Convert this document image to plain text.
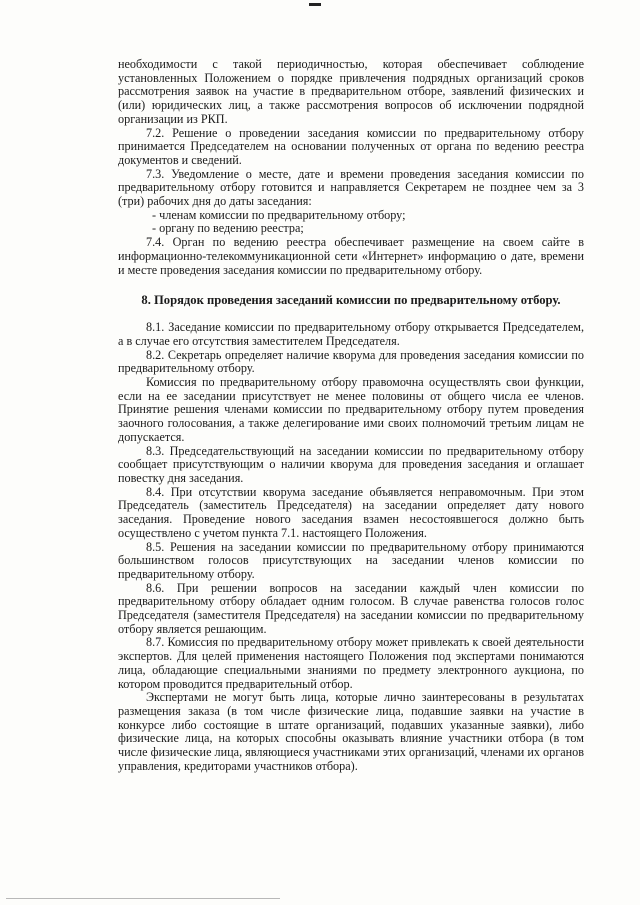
необходимости с такой периодичностью, которая обеспечивает соблюдение установленных Положением о порядке привлечения подрядных организаций сроков рассмотрения заявок на участие в предварительном отборе, заявлений физических и (или) юридических лиц, а также рассмотрения вопросов об исключении подрядной организации из РКП.

7.2. Решение о проведении заседания комиссии по предварительному отбору принимается Председателем на основании полученных от органа по ведению реестра документов и сведений.

7.3. Уведомление о месте, дате и времени проведения заседания комиссии по предварительному отбору готовится и направляется Секретарем не позднее чем за 3 (три) рабочих дня до даты заседания:

- членам комиссии по предварительному отбору;

- органу по ведению реестра;

7.4. Орган по ведению реестра обеспечивает размещение на своем сайте в информационно-телекоммуникационной сети «Интернет» информацию о дате, времени и месте проведения заседания комиссии по предварительному отбору.

8. Порядок проведения заседаний комиссии по предварительному отбору.

8.1. Заседание комиссии по предварительному отбору открывается Председателем, а в случае его отсутствия заместителем Председателя.

8.2. Секретарь определяет наличие кворума для проведения заседания комиссии по предварительному отбору.

Комиссия по предварительному отбору правомочна осуществлять свои функции, если на ее заседании присутствует не менее половины от общего числа ее членов. Принятие решения членами комиссии по предварительному отбору путем проведения заочного голосования, а также делегирование ими своих полномочий третьим лицам не допускается.

8.3. Председательствующий на заседании комиссии по предварительному отбору сообщает присутствующим о наличии кворума для проведения заседания и оглашает повестку дня заседания.

8.4. При отсутствии кворума заседание объявляется неправомочным. При этом Председатель (заместитель Председателя) на заседании определяет дату нового заседания. Проведение нового заседания взамен несостоявшегося должно быть осуществлено с учетом пункта 7.1. настоящего Положения.

8.5. Решения на заседании комиссии по предварительному отбору принимаются большинством голосов присутствующих на заседании членов комиссии по предварительному отбору.

8.6. При решении вопросов на заседании каждый член комиссии по предварительному отбору обладает одним голосом. В случае равенства голосов голос Председателя (заместителя Председателя) на заседании комиссии по предварительному отбору является решающим.

8.7. Комиссия по предварительному отбору может привлекать к своей деятельности экспертов. Для целей применения настоящего Положения под экспертами понимаются лица, обладающие специальными знаниями по предмету электронного аукциона, по котором проводится предварительный отбор.

Экспертами не могут быть лица, которые лично заинтересованы в результатах размещения заказа (в том числе физические лица, подавшие заявки на участие в конкурсе либо состоящие в штате организаций, подавших указанные заявки), либо физические лица, на которых способны оказывать влияние участники отбора (в том числе физические лица, являющиеся участниками этих организаций, членами их органов управления, кредиторами участников отбора).
